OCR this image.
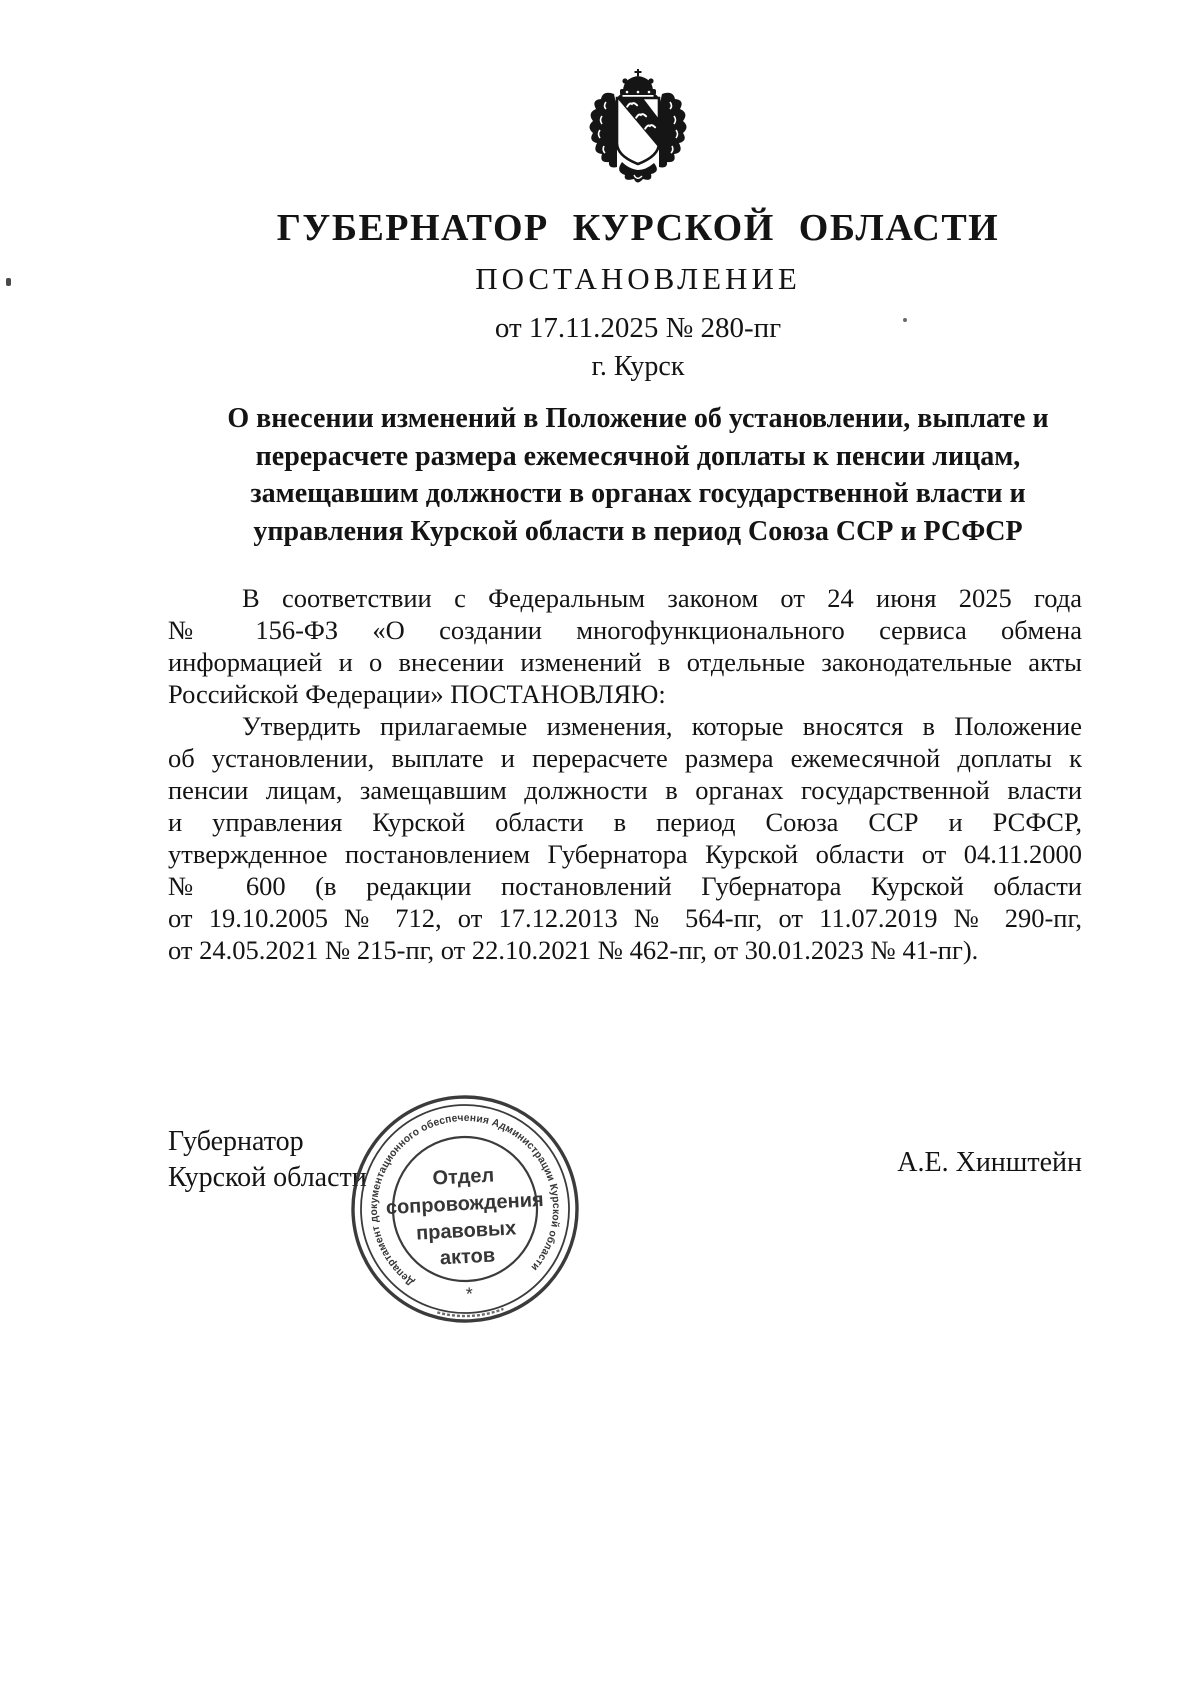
ГУБЕРНАТОР КУРСКОЙ ОБЛАСТИ
ПОСТАНОВЛЕНИЕ
от 17.11.2025 № 280-пг
г. Курск
О внесении изменений в Положение об установлении, выплате и
перерасчете размера ежемесячной доплаты к пенсии лицам,
замещавшим должности в органах государственной власти и
управления Курской области в период Союза ССР и РСФСР
В соответствии с Федеральным законом от 24 июня 2025 года
№ 156-ФЗ «О создании многофункционального сервиса обмена
информацией и о внесении изменений в отдельные законодательные акты
Российской Федерации» ПОСТАНОВЛЯЮ:
Утвердить прилагаемые изменения, которые вносятся в Положение
об установлении, выплате и перерасчете размера ежемесячной доплаты к
пенсии лицам, замещавшим должности в органах государственной власти
и управления Курской области в период Союза ССР и РСФСР,
утвержденное постановлением Губернатора Курской области от 04.11.2000
№ 600 (в редакции постановлений Губернатора Курской области
от 19.10.2005 № 712, от 17.12.2013 № 564-пг, от 11.07.2019 № 290-пг,
от 24.05.2021 № 215-пг, от 22.10.2021 № 462-пг, от 30.01.2023 № 41-пг).
Губернатор
Курской области	А.Е. Хинштейн
Департамент документационного обеспечения Администрации Курской области
Отдел
сопровождения
правовых
актов
*
